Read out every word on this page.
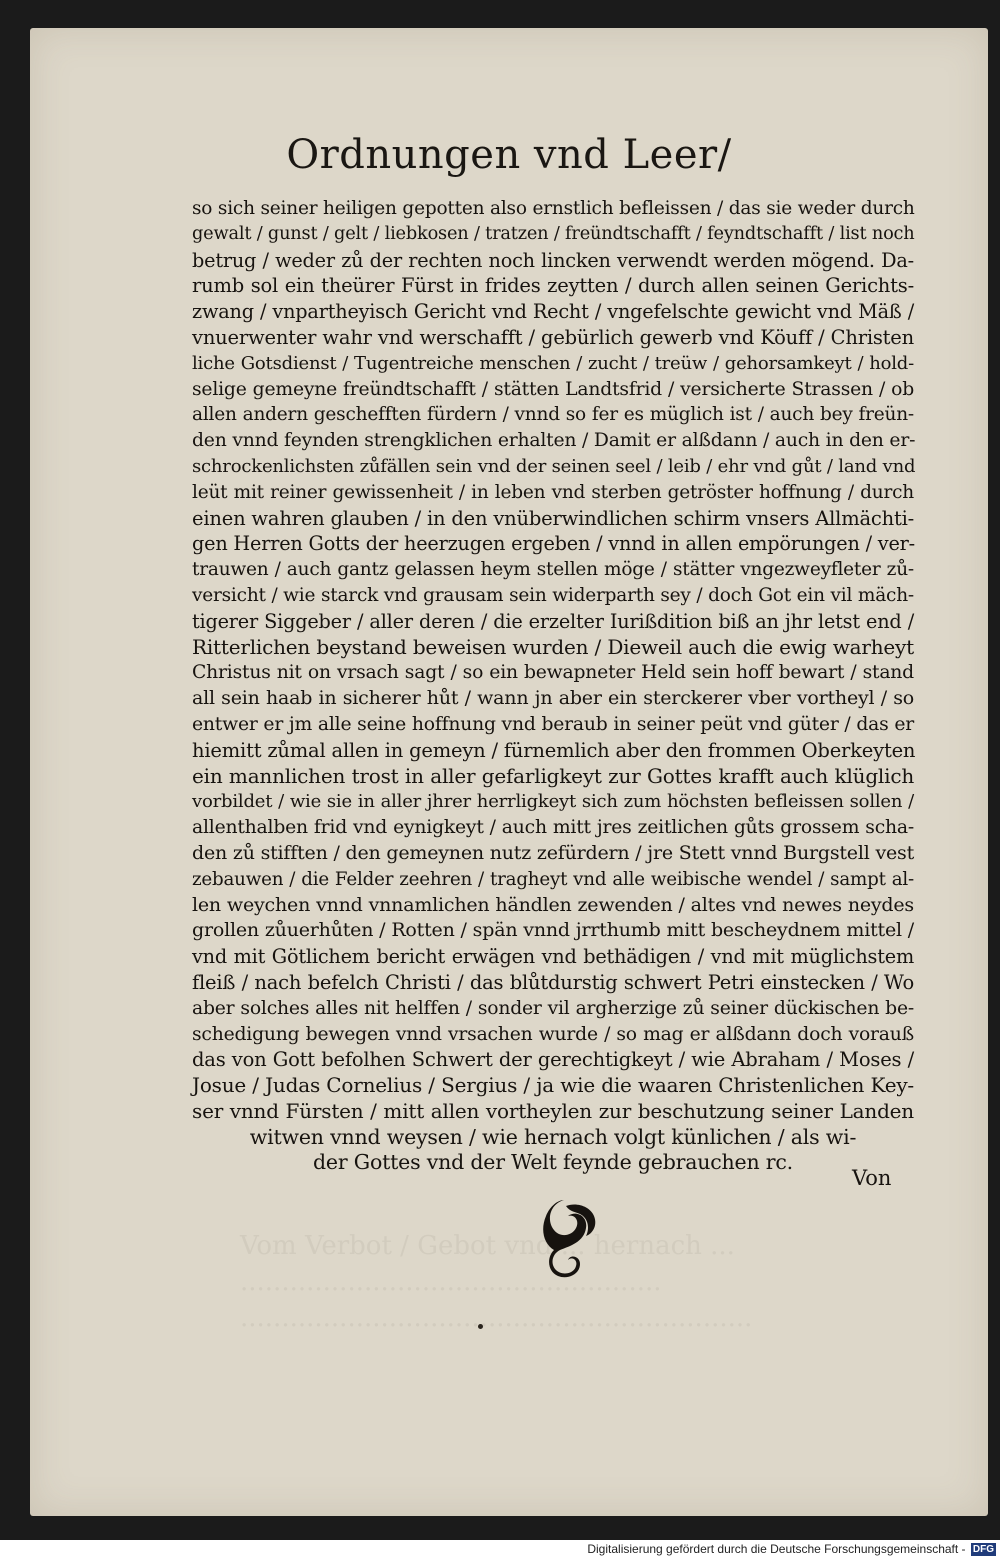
Vom Verbot / Gebot vnd ... hernach ...
...................................................
..............................................................
Ordnungen vnd Leer/
so sich seiner heiligen gepotten also ernstlich befleissen / das sie weder durch
gewalt / gunst / gelt / liebkosen / tratzen / freündtschafft / feyndtschafft / list noch
betrug / weder zů der rechten noch lincken verwendt werden mögend. Da-
rumb sol ein theürer Fürst in frides zeytten / durch allen seinen Gerichts-
zwang / vnpartheyisch Gericht vnd Recht / vngefelschte gewicht vnd Mäß /
vnuerwenter wahr vnd werschafft / gebürlich gewerb vnd Köuff / Christen
liche Gotsdienst / Tugentreiche menschen / zucht / treüw / gehorsamkeyt / hold-
selige gemeyne freündtschafft / stätten Landtsfrid / versicherte Strassen / ob
allen andern geschefften fürdern / vnnd so fer es müglich ist / auch bey freün-
den vnnd feynden strengklichen erhalten / Damit er alßdann / auch in den er-
schrockenlichsten zůfällen sein vnd der seinen seel / leib / ehr vnd gůt / land vnd
leüt mit reiner gewissenheit / in leben vnd sterben getröster hoffnung / durch
einen wahren glauben / in den vnüberwindlichen schirm vnsers Allmächti-
gen Herren Gotts der heerzugen ergeben / vnnd in allen empörungen / ver-
trauwen / auch gantz gelassen heym stellen möge / stätter vngezweyfleter zů-
versicht / wie starck vnd grausam sein widerparth sey / doch Got ein vil mäch-
tigerer Siggeber / aller deren / die erzelter Iurißdition biß an jhr letst end /
Ritterlichen beystand beweisen wurden / Dieweil auch die ewig warheyt
Christus nit on vrsach sagt / so ein bewapneter Held sein hoff bewart / stand
all sein haab in sicherer hůt / wann jn aber ein sterckerer vber vortheyl / so
entwer er jm alle seine hoffnung vnd beraub in seiner peüt vnd güter / das er
hiemitt zůmal allen in gemeyn / fürnemlich aber den frommen Oberkeyten
ein mannlichen trost in aller gefarligkeyt zur Gottes krafft auch klüglich
vorbildet / wie sie in aller jhrer herrligkeyt sich zum höchsten befleissen sollen /
allenthalben frid vnd eynigkeyt / auch mitt jres zeitlichen gůts grossem scha-
den zů stifften / den gemeynen nutz zefürdern / jre Stett vnnd Burgstell vest
zebauwen / die Felder zeehren / tragheyt vnd alle weibische wendel / sampt al-
len weychen vnnd vnnamlichen händlen zewenden / altes vnd newes neydes
grollen zůuerhůten / Rotten / spän vnnd jrrthumb mitt bescheydnem mittel /
vnd mit Götlichem bericht erwägen vnd bethädigen / vnd mit müglichstem
fleiß / nach befelch Christi / das blůtdurstig schwert Petri einstecken / Wo
aber solches alles nit helffen / sonder vil argherzige zů seiner dückischen be-
schedigung bewegen vnnd vrsachen wurde / so mag er alßdann doch vorauß
das von Gott befolhen Schwert der gerechtigkeyt / wie Abraham / Moses /
Josue / Judas Cornelius / Sergius / ja wie die waaren Christenlichen Key-
ser vnnd Fürsten / mitt allen vortheylen zur beschutzung seiner Landen
witwen vnnd weysen / wie hernach volgt künlichen / als wi-
der Gottes vnd der Welt feynde gebrauchen rc.
Von
Digitalisierung gefördert durch die Deutsche Forschungsgemeinschaft - DFG
